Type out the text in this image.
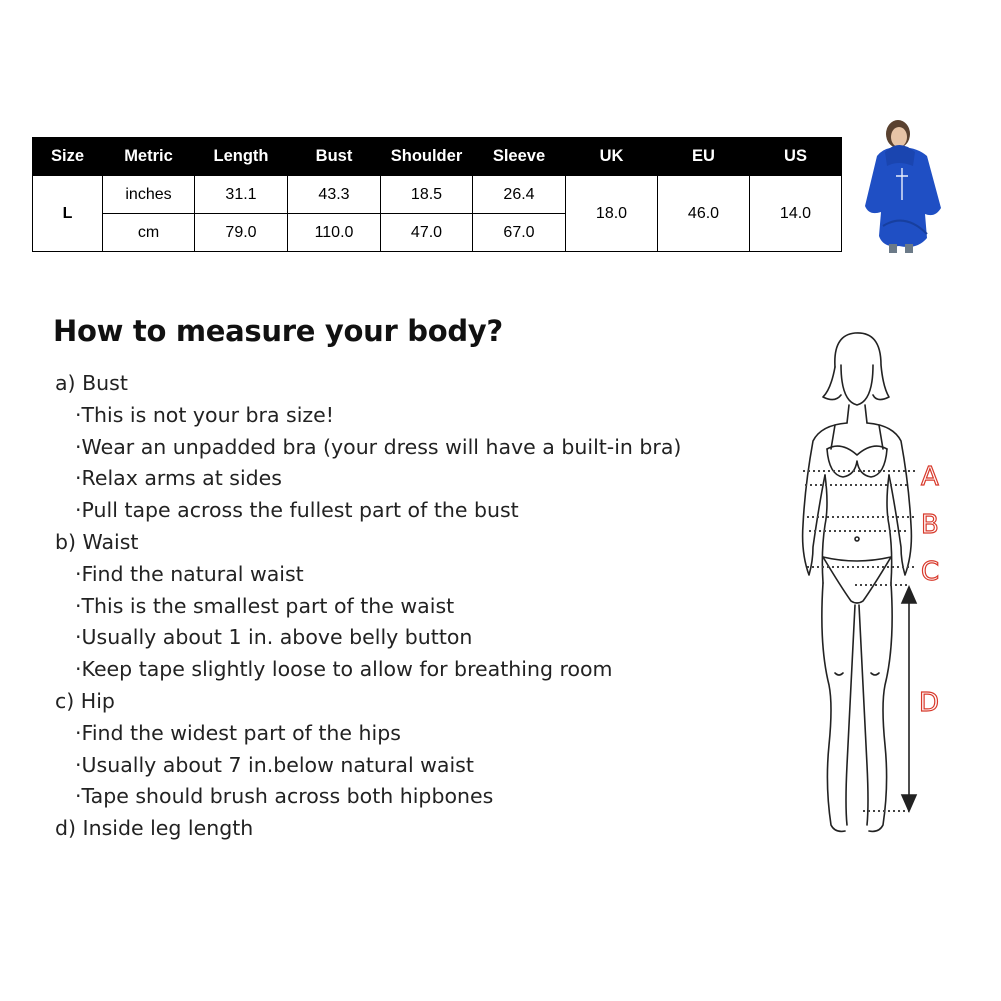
Size	Metric	Length	Bust	Shoulder	Sleeve	UK	EU	US
L	inches	31.1	43.3	18.5	26.4	18.0	46.0	14.0
	cm	79.0	110.0	47.0	67.0			
How to measure your body?
a) Bust
·This is not your bra size!
·Wear an unpadded bra (your dress will have a built-in bra)
·Relax arms at sides
·Pull tape across the fullest part of the bust
b) Waist
·Find the natural waist
·This is the smallest part of the waist
·Usually about 1 in. above belly button
·Keep tape slightly loose to allow for breathing room
c) Hip
·Find the widest part of the hips
·Usually about 7 in.below natural waist
·Tape should brush across both hipbones
d) Inside leg length
A
B
C
D
